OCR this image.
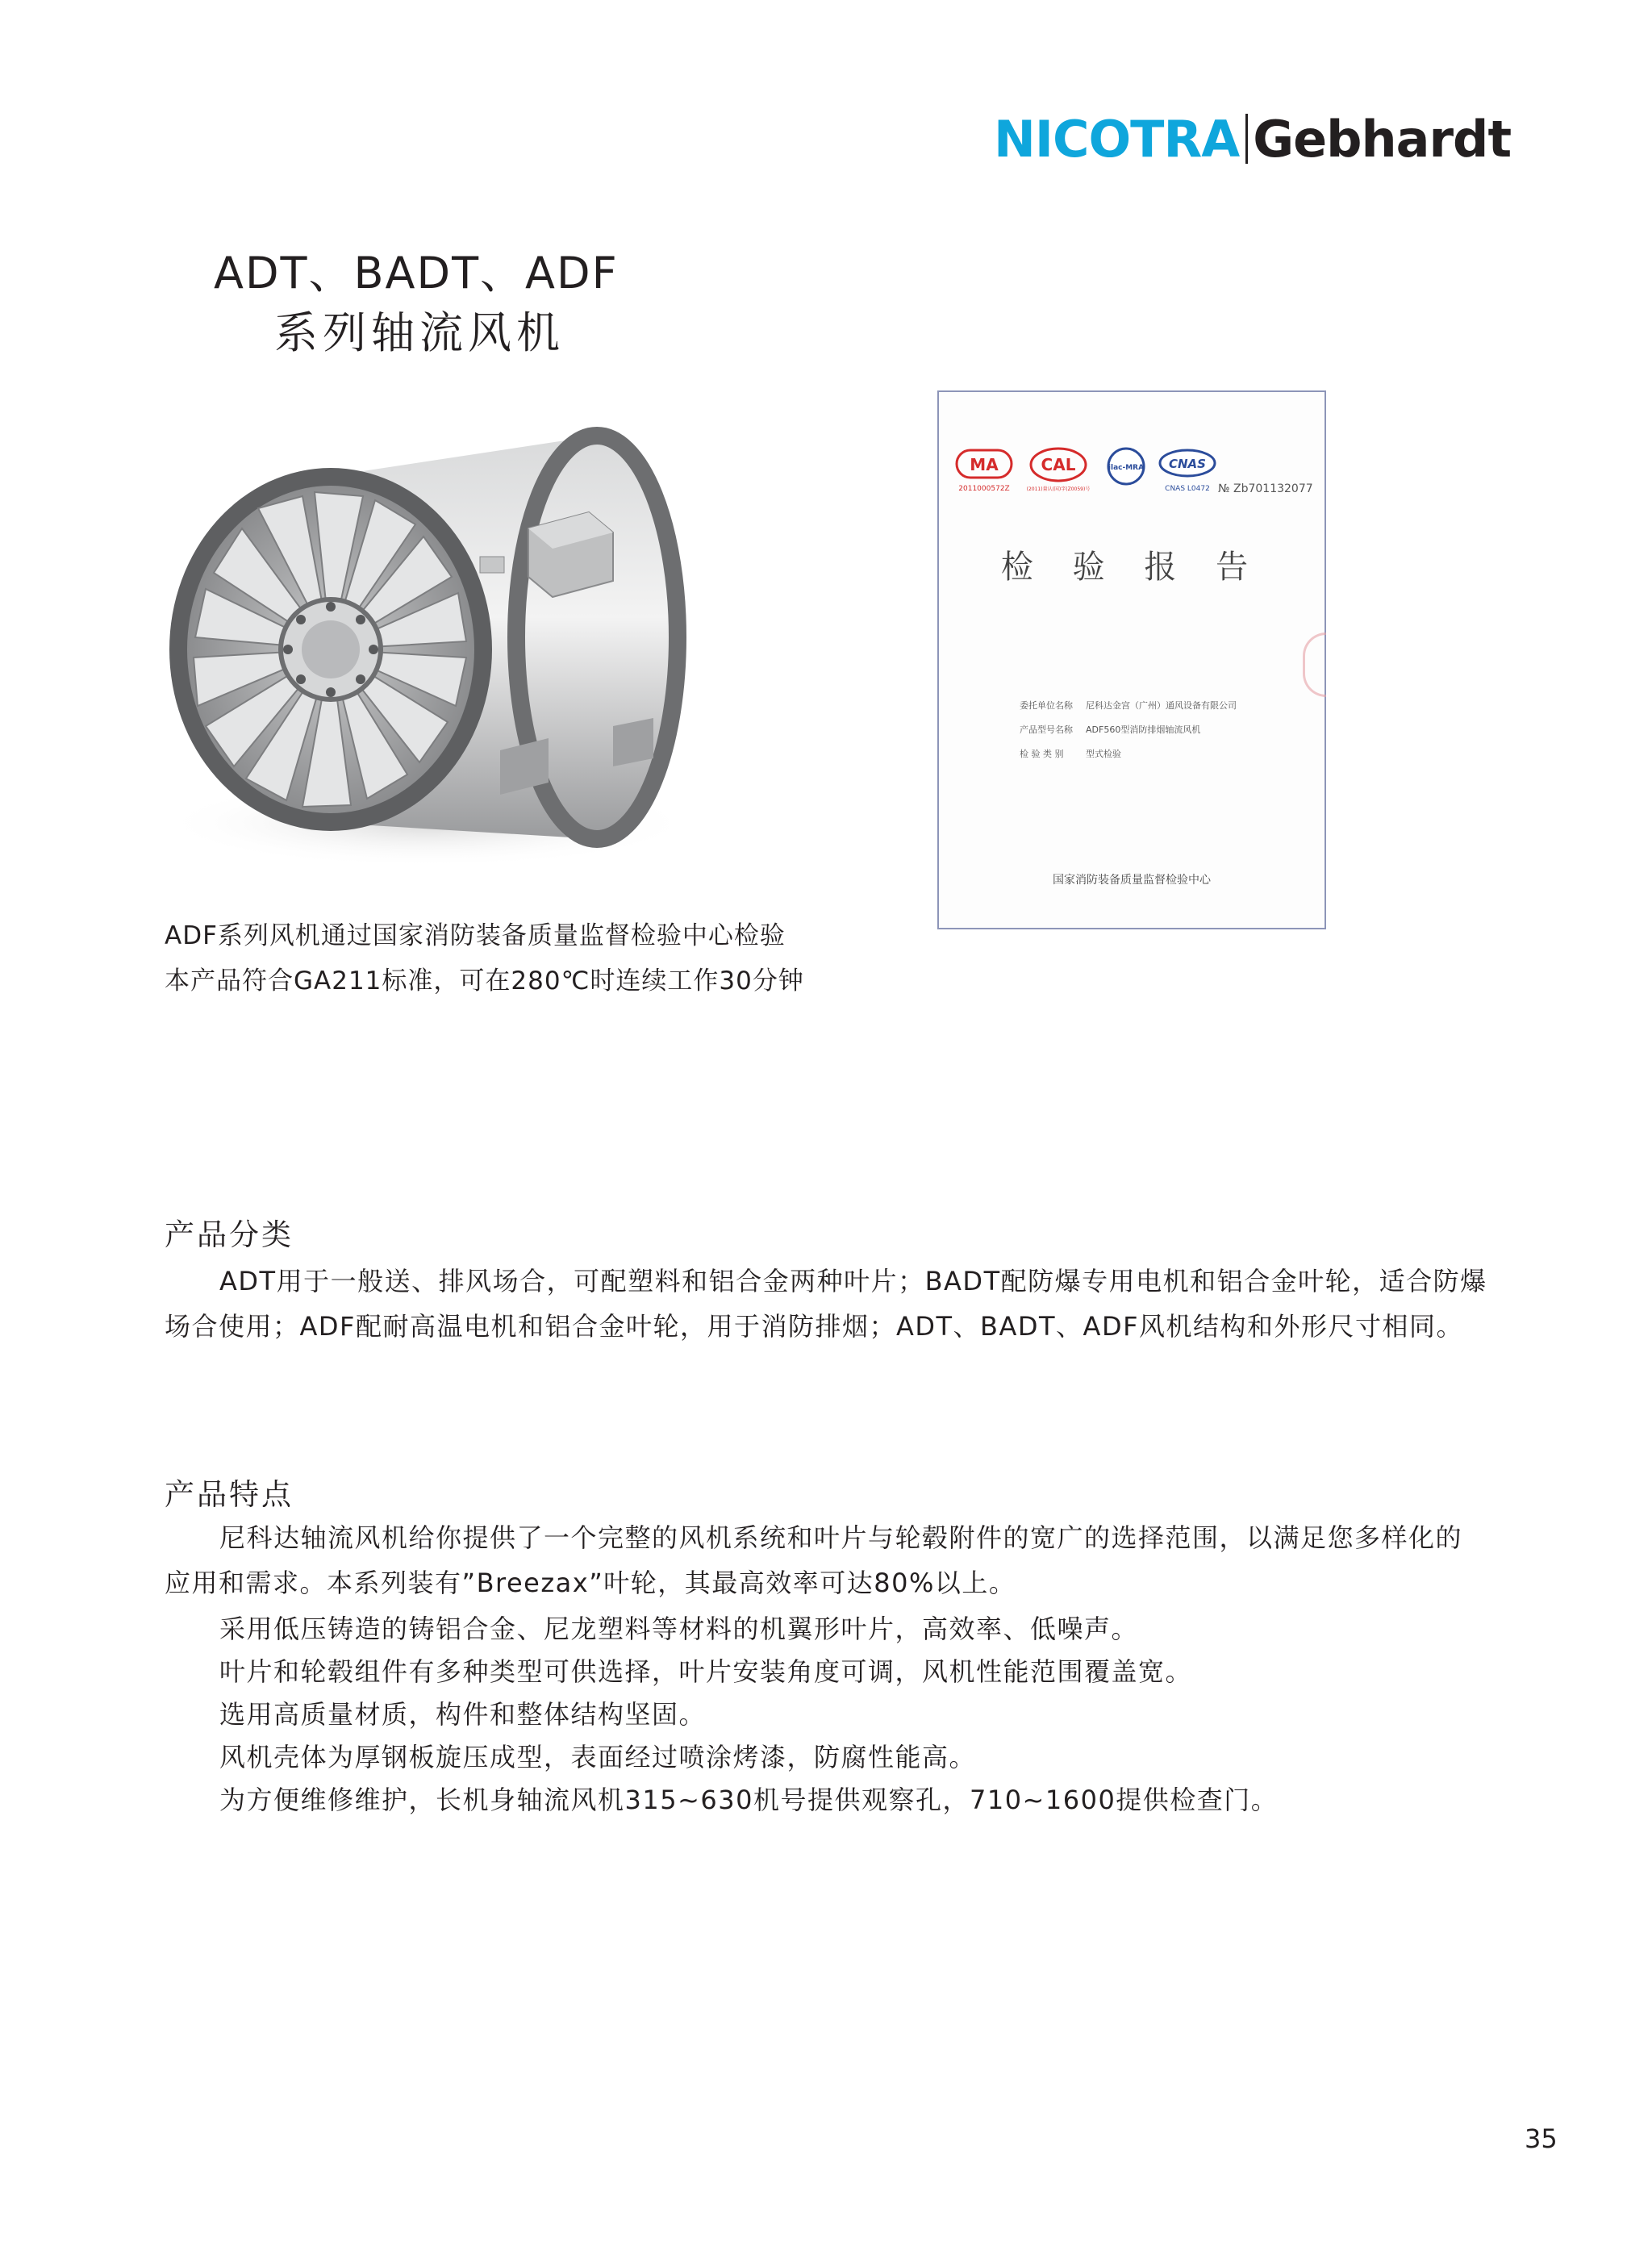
NICOTRA Gebhardt
ADT、BADT、ADF
系列轴流风机
MA
2011000572Z
CAL
(2011)量认(国)字(Z0059)号
ilac-MRA CNAS
CNAS L0472 № Zb701132077
检 验 报 告
委托单位名称 尼科达金宫（广州）通风设备有限公司
产品型号名称 ADF560型消防排烟轴流风机
检 验 类 别	型式检验
国家消防装备质量监督检验中心
ADF系列风机通过国家消防装备质量监督检验中心检验
本产品符合GA211标准，可在280℃时连续工作30分钟
产品分类
ADT用于一般送、排风场合，可配塑料和铝合金两种叶片；BADT配防爆专用电机和铝合金叶轮，适合防爆场合使用；ADF配耐高温电机和铝合金叶轮，用于消防排烟；ADT、BADT、ADF风机结构和外形尺寸相同。
产品特点
尼科达轴流风机给你提供了一个完整的风机系统和叶片与轮毂附件的宽广的选择范围，以满足您多样化的应用和需求。本系列装有”Breezax”叶轮，其最高效率可达80%以上。
采用低压铸造的铸铝合金、尼龙塑料等材料的机翼形叶片，高效率、低噪声。
叶片和轮毂组件有多种类型可供选择，叶片安装角度可调，风机性能范围覆盖宽。
选用高质量材质，构件和整体结构坚固。
风机壳体为厚钢板旋压成型，表面经过喷涂烤漆，防腐性能高。
为方便维修维护，长机身轴流风机315~630机号提供观察孔，710~1600提供检查门。
35
